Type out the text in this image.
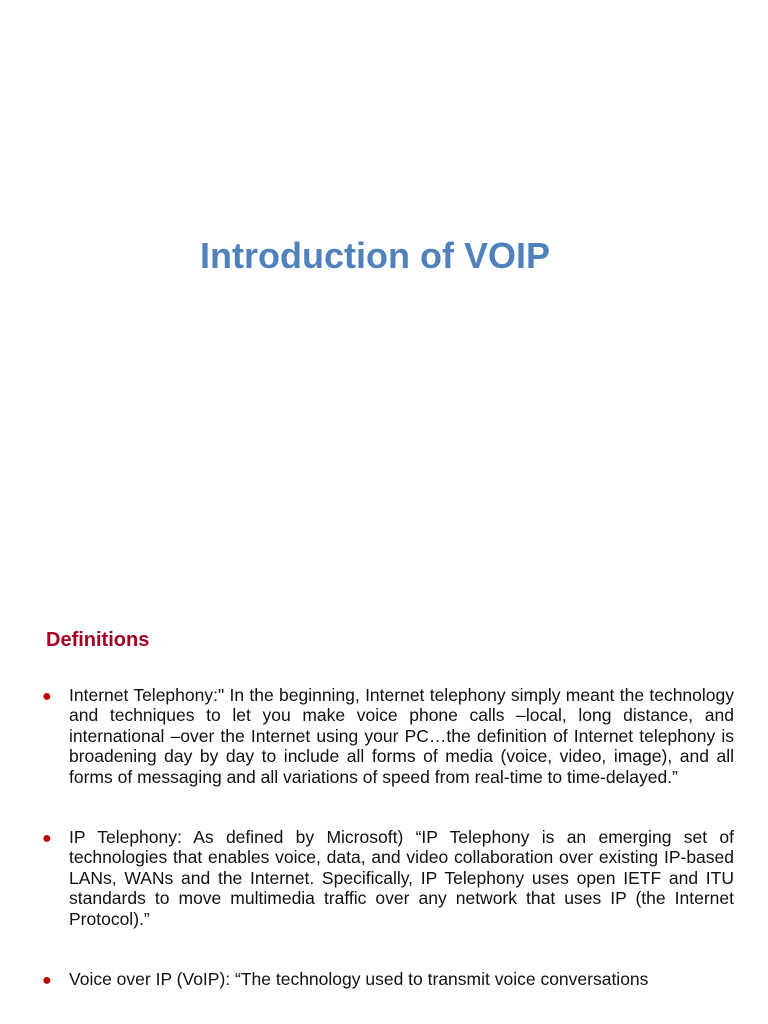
Introduction of VOIP
Definitions
● Internet Telephony:" In the beginning, Internet telephony simply meant the technology and techniques to let you make voice phone calls –local, long distance, and international –over the Internet using your PC…the definition of Internet telephony is broadening day by day to include all forms of media (voice, video, image), and all forms of messaging and all variations of speed from real-time to time-delayed.”
● IP Telephony: As defined by Microsoft) “IP Telephony is an emerging set of technologies that enables voice, data, and video collaboration over existing IP-based LANs, WANs and the Internet. Specifically, IP Telephony uses open IETF and ITU standards to move multimedia traffic over any network that uses IP (the Internet Protocol).”
● Voice over IP (VoIP): “The technology used to transmit voice conversations
